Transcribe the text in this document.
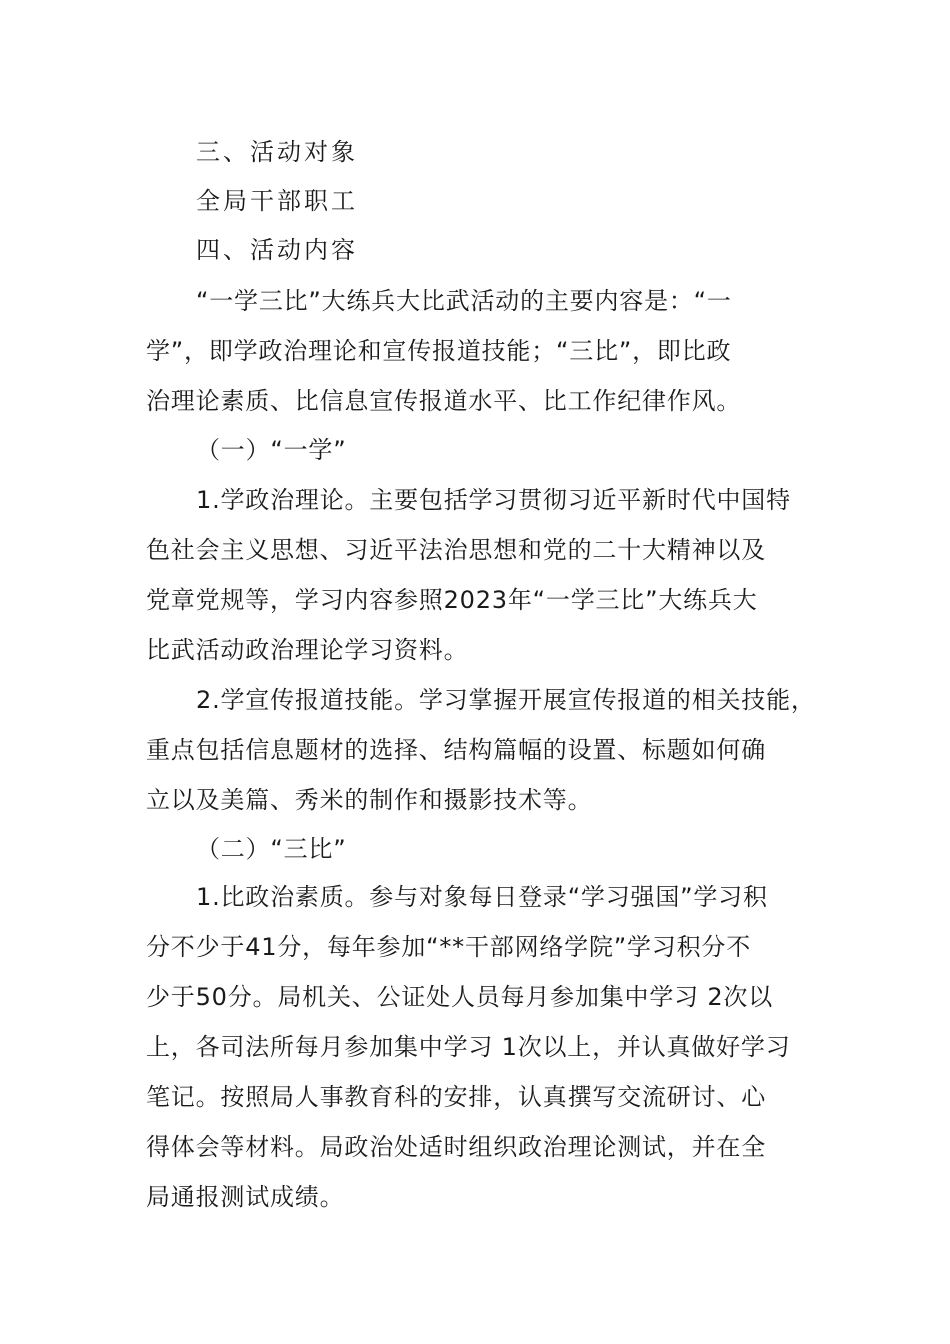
三、活动对象
全局干部职工
四、活动内容
“一学三比”大练兵大比武活动的主要内容是：“一
学”，即学政治理论和宣传报道技能；“三比”，即比政
治理论素质、比信息宣传报道水平、比工作纪律作风。
（一）“一学”
1.学政治理论。主要包括学习贯彻习近平新时代中国特
色社会主义思想、习近平法治思想和党的二十大精神以及
党章党规等，学习内容参照2023年“一学三比”大练兵大
比武活动政治理论学习资料。
2.学宣传报道技能。学习掌握开展宣传报道的相关技能，
重点包括信息题材的选择、结构篇幅的设置、标题如何确
立以及美篇、秀米的制作和摄影技术等。
（二）“三比”
1.比政治素质。参与对象每日登录“学习强国”学习积
分不少于41分，每年参加“**干部网络学院”学习积分不
少于50分。局机关、公证处人员每月参加集中学习 2次以
上，各司法所每月参加集中学习 1次以上，并认真做好学习
笔记。按照局人事教育科的安排，认真撰写交流研讨、心
得体会等材料。局政治处适时组织政治理论测试，并在全
局通报测试成绩。
